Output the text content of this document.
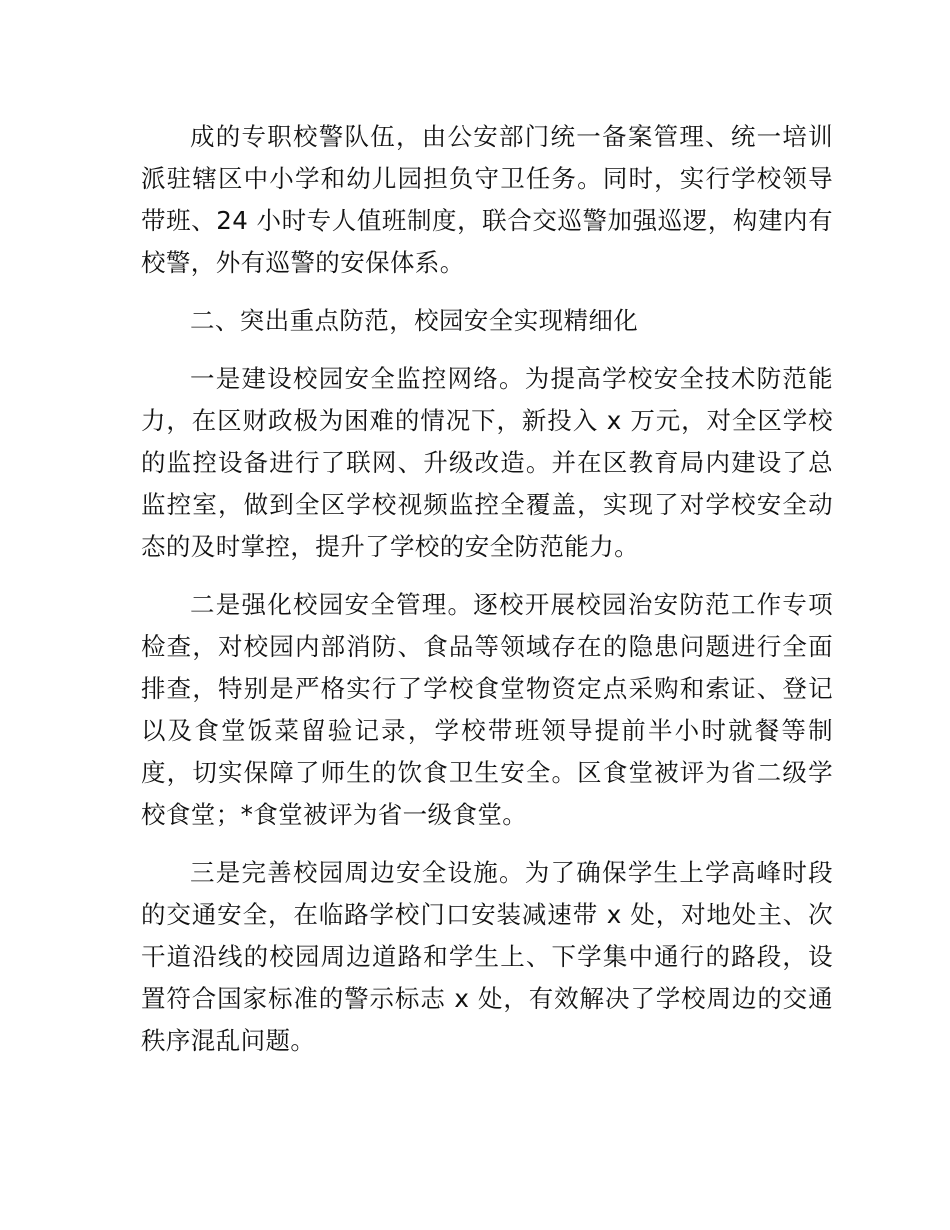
成的专职校警队伍，由公安部门统一备案管理、统一培训派驻辖区中小学和幼儿园担负守卫任务。同时，实行学校领导带班、24 小时专人值班制度，联合交巡警加强巡逻，构建内有校警，外有巡警的安保体系。

二、突出重点防范，校园安全实现精细化

一是建设校园安全监控网络。为提高学校安全技术防范能力，在区财政极为困难的情况下，新投入 x 万元，对全区学校的监控设备进行了联网、升级改造。并在区教育局内建设了总监控室，做到全区学校视频监控全覆盖，实现了对学校安全动态的及时掌控，提升了学校的安全防范能力。

二是强化校园安全管理。逐校开展校园治安防范工作专项检查，对校园内部消防、食品等领域存在的隐患问题进行全面排查，特别是严格实行了学校食堂物资定点采购和索证、登记以及食堂饭菜留验记录，学校带班领导提前半小时就餐等制度，切实保障了师生的饮食卫生安全。区食堂被评为省二级学校食堂；*食堂被评为省一级食堂。

三是完善校园周边安全设施。为了确保学生上学高峰时段的交通安全，在临路学校门口安装减速带 x 处，对地处主、次干道沿线的校园周边道路和学生上、下学集中通行的路段，设置符合国家标准的警示标志 x 处，有效解决了学校周边的交通秩序混乱问题。
